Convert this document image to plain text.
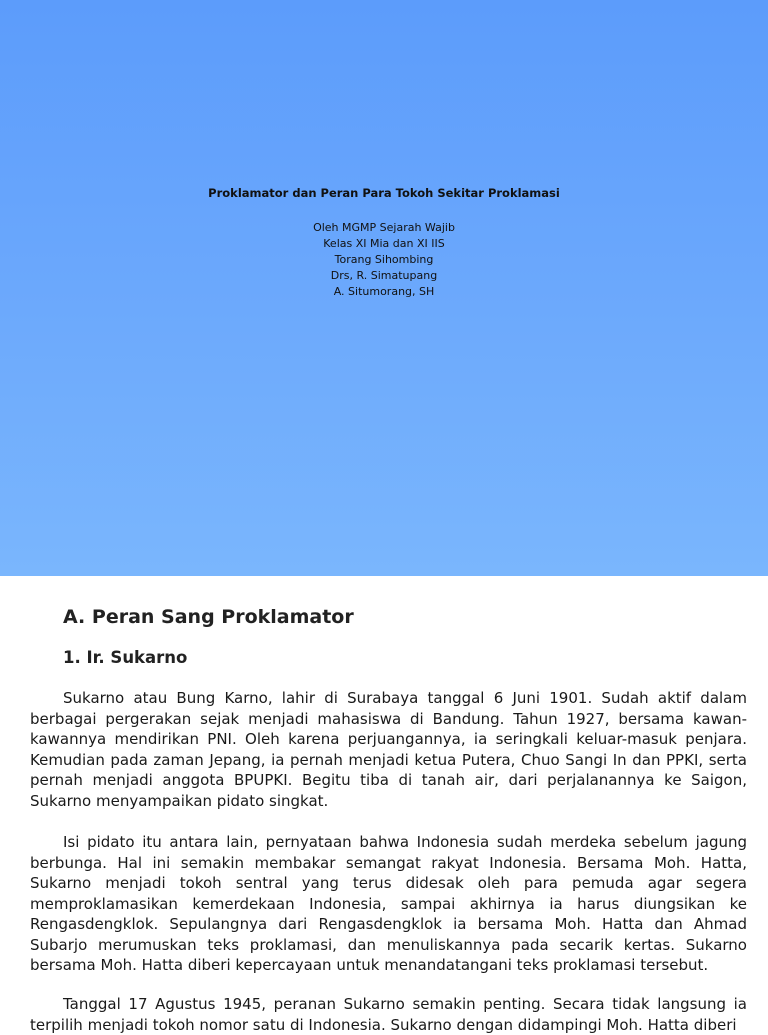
Proklamator dan Peran Para Tokoh Sekitar Proklamasi
Oleh MGMP Sejarah Wajib
Kelas XI Mia dan XI IIS
Torang Sihombing
Drs, R. Simatupang
A. Situmorang, SH
A. Peran Sang Proklamator
1. Ir. Sukarno

Sukarno atau Bung Karno, lahir di Surabaya tanggal 6 Juni 1901. Sudah aktif dalam berbagai pergerakan sejak menjadi mahasiswa di Bandung. Tahun 1927, bersama kawan-kawannya mendirikan PNI. Oleh karena perjuangannya, ia seringkali keluar-masuk penjara. Kemudian pada zaman Jepang, ia pernah menjadi ketua Putera, Chuo Sangi In dan PPKI, serta pernah menjadi anggota BPUPKI. Begitu tiba di tanah air, dari perjalanannya ke Saigon, Sukarno menyampaikan pidato singkat.

Isi pidato itu antara lain, pernyataan bahwa Indonesia sudah merdeka sebelum jagung berbunga. Hal ini semakin membakar semangat rakyat Indonesia. Bersama Moh. Hatta, Sukarno menjadi tokoh sentral yang terus didesak oleh para pemuda agar segera memproklamasikan kemerdekaan Indonesia, sampai akhirnya ia harus diungsikan ke Rengasdengklok. Sepulangnya dari Rengasdengklok ia bersama Moh. Hatta dan Ahmad Subarjo merumuskan teks proklamasi, dan menuliskannya pada secarik kertas. Sukarno bersama Moh. Hatta diberi kepercayaan untuk menandatangani teks proklamasi tersebut.

Tanggal 17 Agustus 1945, peranan Sukarno semakin penting. Secara tidak langsung ia terpilih menjadi tokoh nomor satu di Indonesia. Sukarno dengan didampingi Moh. Hatta diberi
